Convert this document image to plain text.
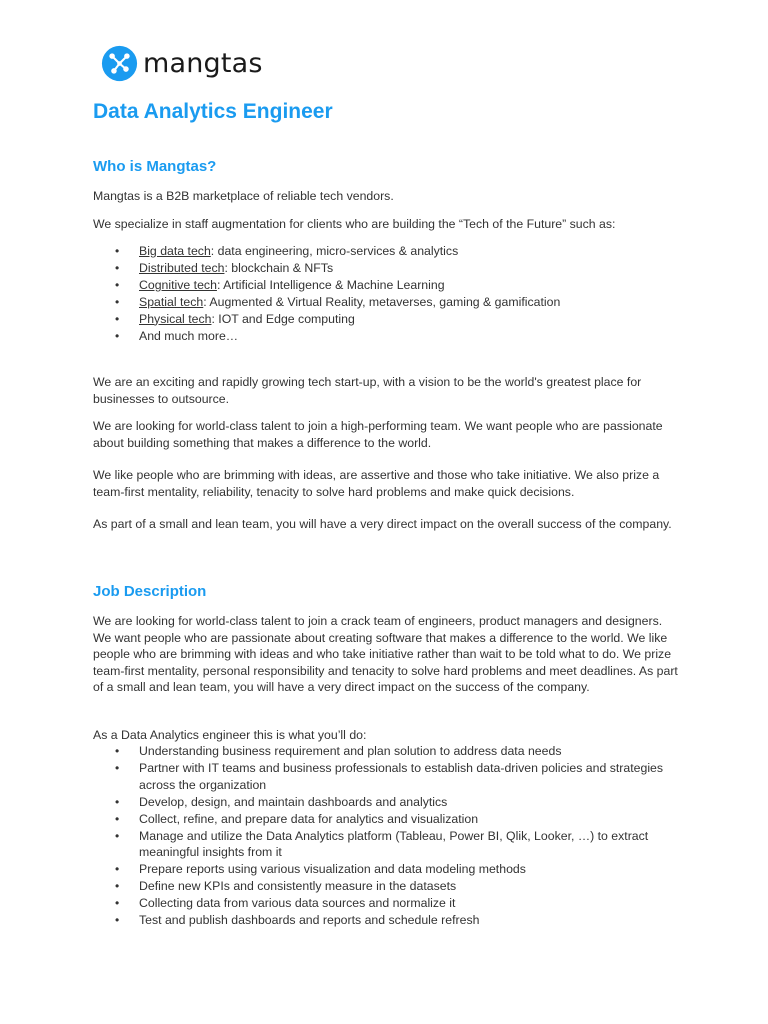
mangtas
Data Analytics Engineer
Who is Mangtas?

Mangtas is a B2B marketplace of reliable tech vendors.

We specialize in staff augmentation for clients who are building the “Tech of the Future” such as:

• Big data tech: data engineering, micro-services & analytics
• Distributed tech: blockchain & NFTs
• Cognitive tech: Artificial Intelligence & Machine Learning
• Spatial tech: Augmented & Virtual Reality, metaverses, gaming & gamification
• Physical tech: IOT and Edge computing
• And much more…

We are an exciting and rapidly growing tech start-up, with a vision to be the world's greatest place for businesses to outsource.

We are looking for world-class talent to join a high-performing team. We want people who are passionate about building something that makes a difference to the world.

We like people who are brimming with ideas, are assertive and those who take initiative. We also prize a team-first mentality, reliability, tenacity to solve hard problems and make quick decisions.

As part of a small and lean team, you will have a very direct impact on the overall success of the company.

Job Description

We are looking for world-class talent to join a crack team of engineers, product managers and designers. We want people who are passionate about creating software that makes a difference to the world. We like people who are brimming with ideas and who take initiative rather than wait to be told what to do. We prize team-first mentality, personal responsibility and tenacity to solve hard problems and meet deadlines. As part of a small and lean team, you will have a very direct impact on the success of the company.

As a Data Analytics engineer this is what you’ll do:

• Understanding business requirement and plan solution to address data needs
• Partner with IT teams and business professionals to establish data-driven policies and strategies across the organization
• Develop, design, and maintain dashboards and analytics
• Collect, refine, and prepare data for analytics and visualization
• Manage and utilize the Data Analytics platform (Tableau, Power BI, Qlik, Looker, …) to extract meaningful insights from it
• Prepare reports using various visualization and data modeling methods
• Define new KPIs and consistently measure in the datasets
• Collecting data from various data sources and normalize it
• Test and publish dashboards and reports and schedule refresh
